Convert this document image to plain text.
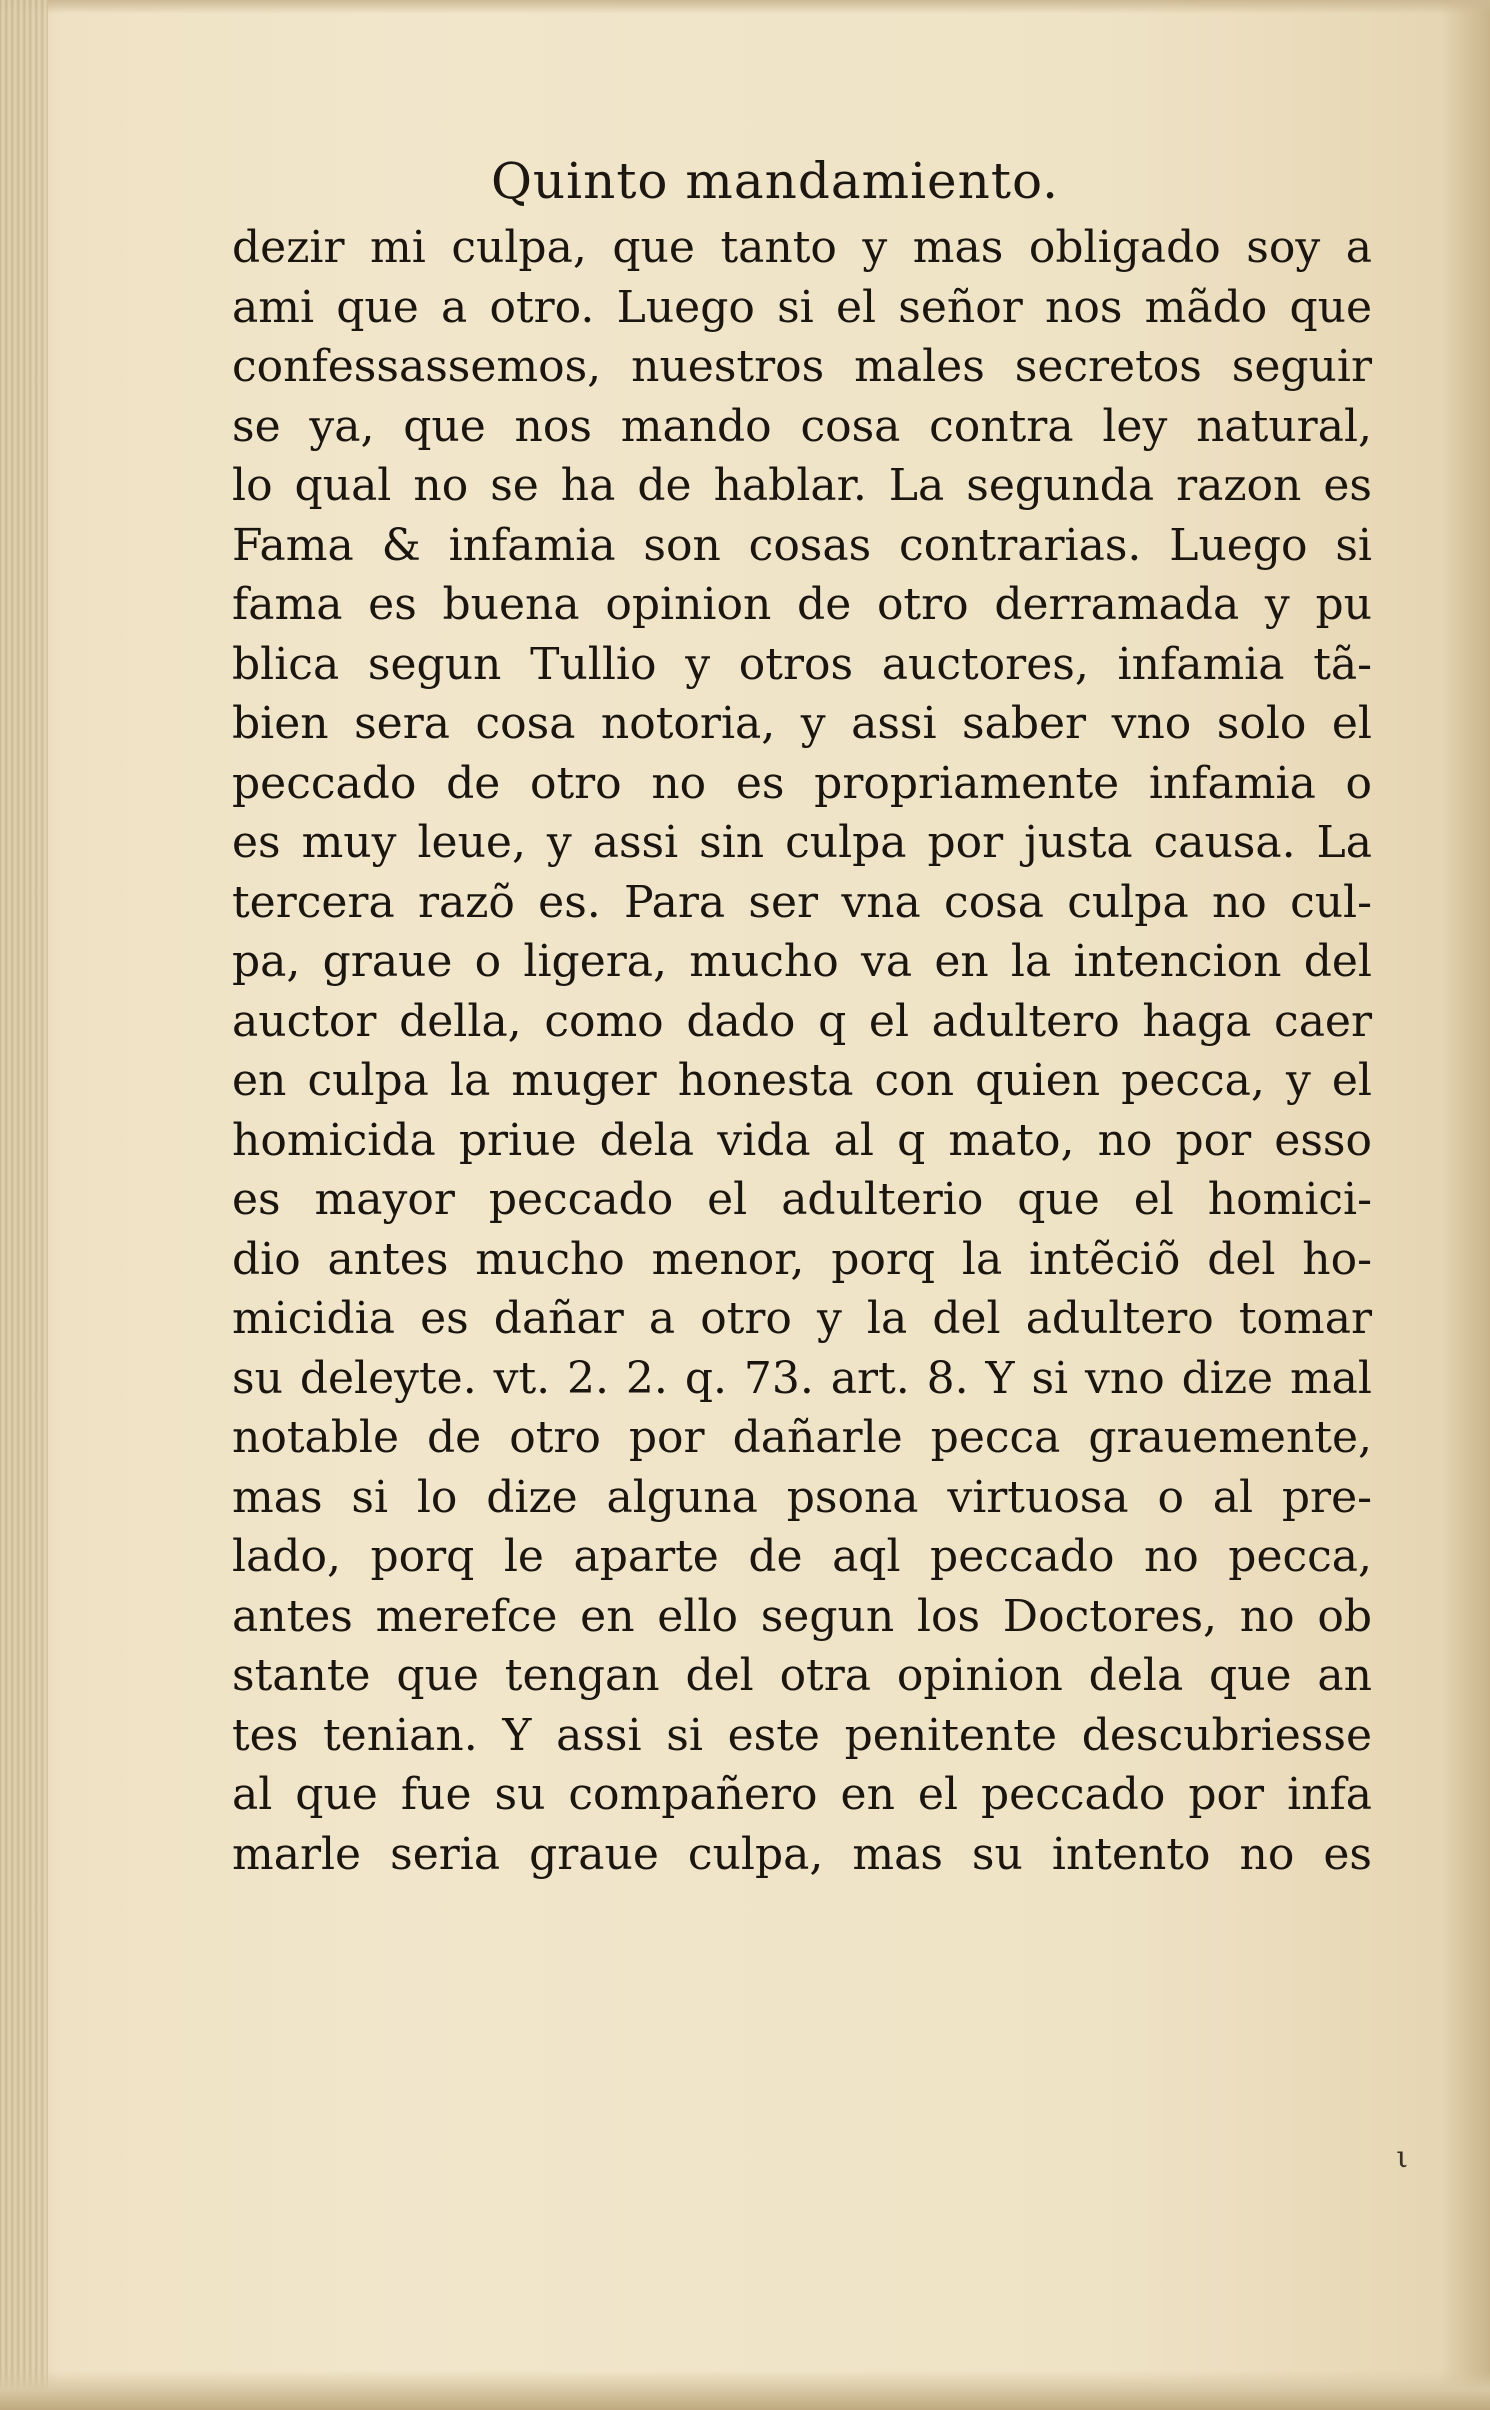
Quinto mandamiento.
dezir mi culpa, que tanto y mas obligado soy a
ami que a otro. Luego si el señor nos mãdo que
confessassemos, nuestros males secretos seguir
se ya, que nos mando cosa contra ley natural,
lo qual no se ha de hablar. La segunda razon es
Fama & infamia son cosas contrarias. Luego si
fama es buena opinion de otro derramada y pu
blica segun Tullio y otros auctores, infamia tã-
bien sera cosa notoria, y assi saber vno solo el
peccado de otro no es propriamente infamia o
es muy leue, y assi sin culpa por justa causa. La
tercera razõ es. Para ser vna cosa culpa no cul-
pa, graue o ligera, mucho va en la intencion del
auctor della, como dado q el adultero haga caer
en culpa la muger honesta con quien pecca, y el
homicida priue dela vida al q mato, no por esso
es mayor peccado el adulterio que el homici-
dio antes mucho menor, porq la intẽciõ del ho-
micidia es dañar a otro y la del adultero tomar
su deleyte. vt. 2. 2. q. 73. art. 8. Y si vno dize mal
notable de otro por dañarle pecca grauemente,
mas si lo dize alguna psona virtuosa o al pre-
lado, porq le aparte de aql peccado no pecca,
antes merefce en ello segun los Doctores, no ob
stante que tengan del otra opinion dela que an
tes tenian. Y assi si este penitente descubriesse
al que fue su compañero en el peccado por infa
marle seria graue culpa, mas su intento no es
ι
